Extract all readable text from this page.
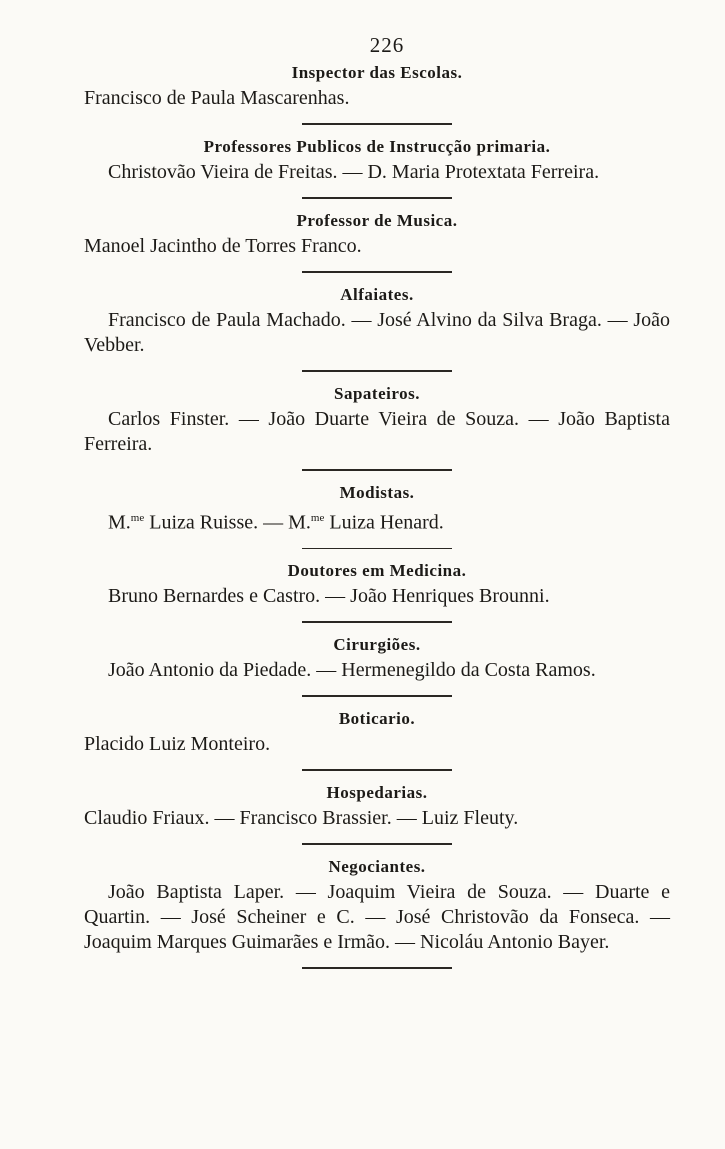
226
Inspector das Escolas.

Francisco de Paula Mascarenhas.

Professores Publicos de Instrucção primaria.

Christovão Vieira de Freitas. — D. Maria Protextata Ferreira.

Professor de Musica.

Manoel Jacintho de Torres Franco.

Alfaiates.

Francisco de Paula Machado. — José Alvino da Silva Braga. — João Vebber.

Sapateiros.

Carlos Finster. — João Duarte Vieira de Souza. — João Baptista Ferreira.

Modistas.

M.$^{me}$ Luiza Ruisse. — M.$^{me}$ Luiza Henard.

Doutores em Medicina.

Bruno Bernardes e Castro. — João Henriques Brounni.

Cirurgiões.

João Antonio da Piedade. — Hermenegildo da Costa Ramos.

Boticario.

Placido Luiz Monteiro.

Hospedarias.

Claudio Friaux. — Francisco Brassier. — Luiz Fleuty.

Negociantes.

João Baptista Laper. — Joaquim Vieira de Souza. — Duarte e Quartin. — José Scheiner e C. — José Christovão da Fonseca. — Joaquim Marques Guimarães e Irmão. — Nicoláu Antonio Bayer.
